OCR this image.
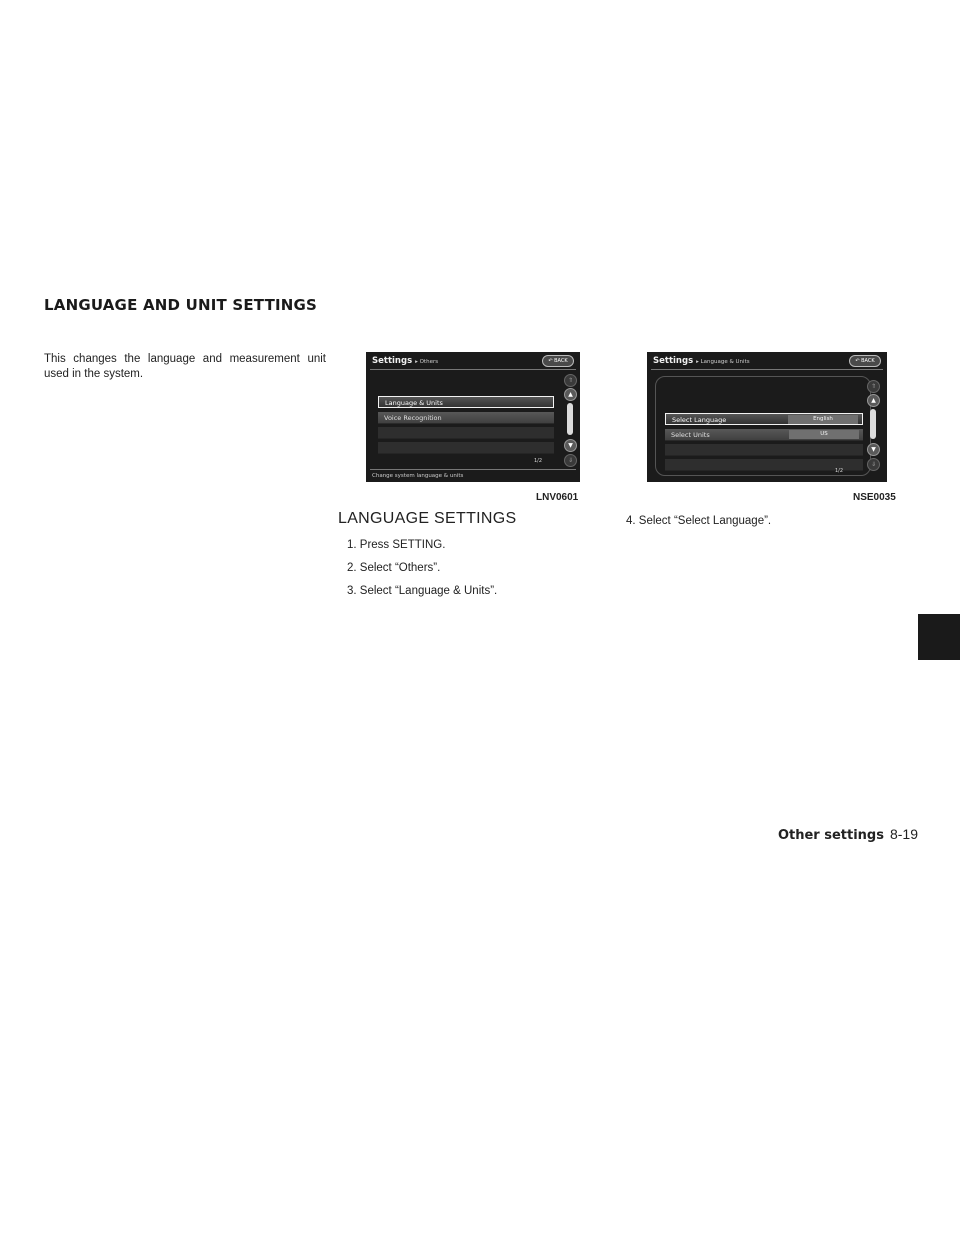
LANGUAGE AND UNIT SETTINGS

This changes the language and measurement unit used in the system.

Settings ▸ Others	↶ BACK
Language & Units
Voice Recognition
⇑
▲
▼
⇓
1/2
Change system language & units
LNV0601
Settings ▸ Language & Units	↶ BACK
Select Language	English
Select Units	US
⇑
▲
▼
⇓
1/2
NSE0035
LANGUAGE SETTINGS
1. Press SETTING.
2. Select “Others”.
3. Select “Language & Units”.
4. Select “Select Language”.
Other settings 8-19
